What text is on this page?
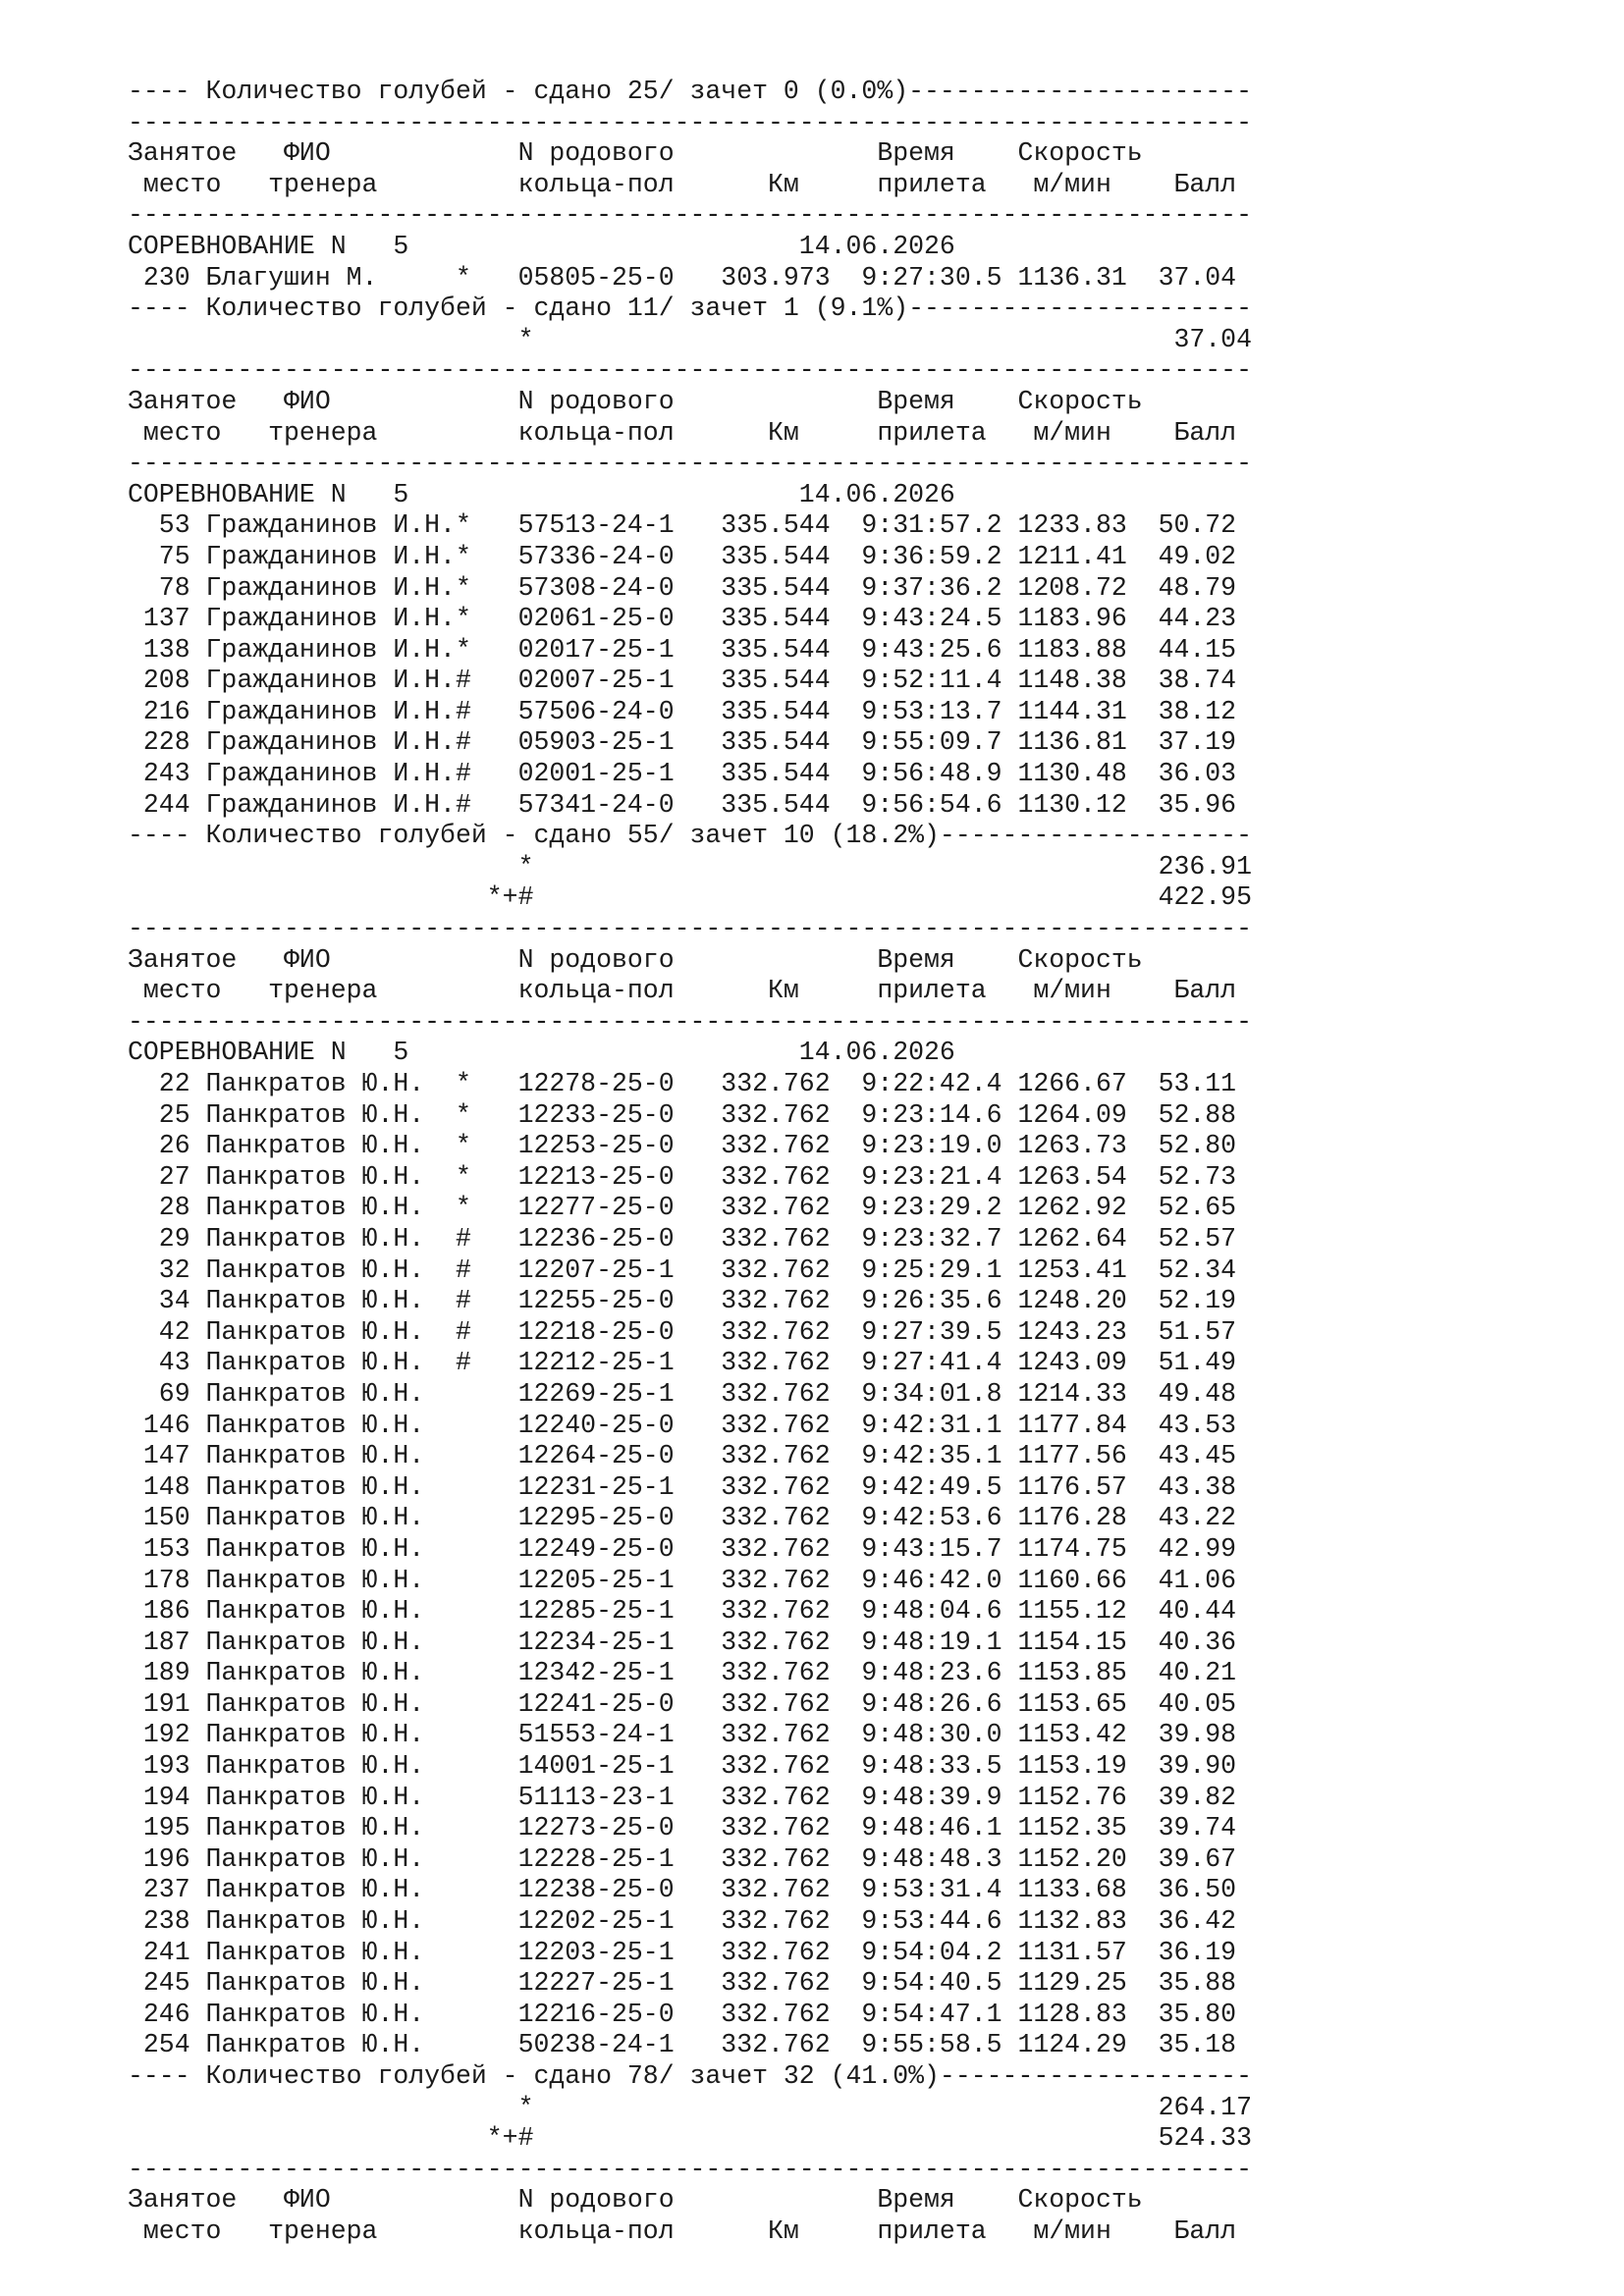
---- Количество голубей - сдано 25/ зачет 0 (0.0%)----------------------
------------------------------------------------------------------------
Занятое   ФИО            N родового             Время    Скорость
место   тренера         кольца-пол      Км     прилета   м/мин    Балл
------------------------------------------------------------------------
СОРЕВНОВАНИЕ N   5                         14.06.2026
230 Благушин М.     *   05805-25-0   303.973  9:27:30.5 1136.31  37.04
---- Количество голубей - сдано 11/ зачет 1 (9.1%)----------------------
*                                         37.04
------------------------------------------------------------------------
Занятое   ФИО            N родового             Время    Скорость
место   тренера         кольца-пол      Км     прилета   м/мин    Балл
------------------------------------------------------------------------
СОРЕВНОВАНИЕ N   5                         14.06.2026
53 Гражданинов И.Н.*   57513-24-1   335.544  9:31:57.2 1233.83  50.72
75 Гражданинов И.Н.*   57336-24-0   335.544  9:36:59.2 1211.41  49.02
78 Гражданинов И.Н.*   57308-24-0   335.544  9:37:36.2 1208.72  48.79
137 Гражданинов И.Н.*   02061-25-0   335.544  9:43:24.5 1183.96  44.23
138 Гражданинов И.Н.*   02017-25-1   335.544  9:43:25.6 1183.88  44.15
208 Гражданинов И.Н.#   02007-25-1   335.544  9:52:11.4 1148.38  38.74
216 Гражданинов И.Н.#   57506-24-0   335.544  9:53:13.7 1144.31  38.12
228 Гражданинов И.Н.#   05903-25-1   335.544  9:55:09.7 1136.81  37.19
243 Гражданинов И.Н.#   02001-25-1   335.544  9:56:48.9 1130.48  36.03
244 Гражданинов И.Н.#   57341-24-0   335.544  9:56:54.6 1130.12  35.96
---- Количество голубей - сдано 55/ зачет 10 (18.2%)--------------------
*                                        236.91
*+#                                        422.95
------------------------------------------------------------------------
Занятое   ФИО            N родового             Время    Скорость
место   тренера         кольца-пол      Км     прилета   м/мин    Балл
------------------------------------------------------------------------
СОРЕВНОВАНИЕ N   5                         14.06.2026
22 Панкратов Ю.Н.  *   12278-25-0   332.762  9:22:42.4 1266.67  53.11
25 Панкратов Ю.Н.  *   12233-25-0   332.762  9:23:14.6 1264.09  52.88
26 Панкратов Ю.Н.  *   12253-25-0   332.762  9:23:19.0 1263.73  52.80
27 Панкратов Ю.Н.  *   12213-25-0   332.762  9:23:21.4 1263.54  52.73
28 Панкратов Ю.Н.  *   12277-25-0   332.762  9:23:29.2 1262.92  52.65
29 Панкратов Ю.Н.  #   12236-25-0   332.762  9:23:32.7 1262.64  52.57
32 Панкратов Ю.Н.  #   12207-25-1   332.762  9:25:29.1 1253.41  52.34
34 Панкратов Ю.Н.  #   12255-25-0   332.762  9:26:35.6 1248.20  52.19
42 Панкратов Ю.Н.  #   12218-25-0   332.762  9:27:39.5 1243.23  51.57
43 Панкратов Ю.Н.  #   12212-25-1   332.762  9:27:41.4 1243.09  51.49
69 Панкратов Ю.Н.      12269-25-1   332.762  9:34:01.8 1214.33  49.48
146 Панкратов Ю.Н.      12240-25-0   332.762  9:42:31.1 1177.84  43.53
147 Панкратов Ю.Н.      12264-25-0   332.762  9:42:35.1 1177.56  43.45
148 Панкратов Ю.Н.      12231-25-1   332.762  9:42:49.5 1176.57  43.38
150 Панкратов Ю.Н.      12295-25-0   332.762  9:42:53.6 1176.28  43.22
153 Панкратов Ю.Н.      12249-25-0   332.762  9:43:15.7 1174.75  42.99
178 Панкратов Ю.Н.      12205-25-1   332.762  9:46:42.0 1160.66  41.06
186 Панкратов Ю.Н.      12285-25-1   332.762  9:48:04.6 1155.12  40.44
187 Панкратов Ю.Н.      12234-25-1   332.762  9:48:19.1 1154.15  40.36
189 Панкратов Ю.Н.      12342-25-1   332.762  9:48:23.6 1153.85  40.21
191 Панкратов Ю.Н.      12241-25-0   332.762  9:48:26.6 1153.65  40.05
192 Панкратов Ю.Н.      51553-24-1   332.762  9:48:30.0 1153.42  39.98
193 Панкратов Ю.Н.      14001-25-1   332.762  9:48:33.5 1153.19  39.90
194 Панкратов Ю.Н.      51113-23-1   332.762  9:48:39.9 1152.76  39.82
195 Панкратов Ю.Н.      12273-25-0   332.762  9:48:46.1 1152.35  39.74
196 Панкратов Ю.Н.      12228-25-1   332.762  9:48:48.3 1152.20  39.67
237 Панкратов Ю.Н.      12238-25-0   332.762  9:53:31.4 1133.68  36.50
238 Панкратов Ю.Н.      12202-25-1   332.762  9:53:44.6 1132.83  36.42
241 Панкратов Ю.Н.      12203-25-1   332.762  9:54:04.2 1131.57  36.19
245 Панкратов Ю.Н.      12227-25-1   332.762  9:54:40.5 1129.25  35.88
246 Панкратов Ю.Н.      12216-25-0   332.762  9:54:47.1 1128.83  35.80
254 Панкратов Ю.Н.      50238-24-1   332.762  9:55:58.5 1124.29  35.18
---- Количество голубей - сдано 78/ зачет 32 (41.0%)--------------------
*                                        264.17
*+#                                        524.33
------------------------------------------------------------------------
Занятое   ФИО            N родового             Время    Скорость
место   тренера         кольца-пол      Км     прилета   м/мин    Балл
